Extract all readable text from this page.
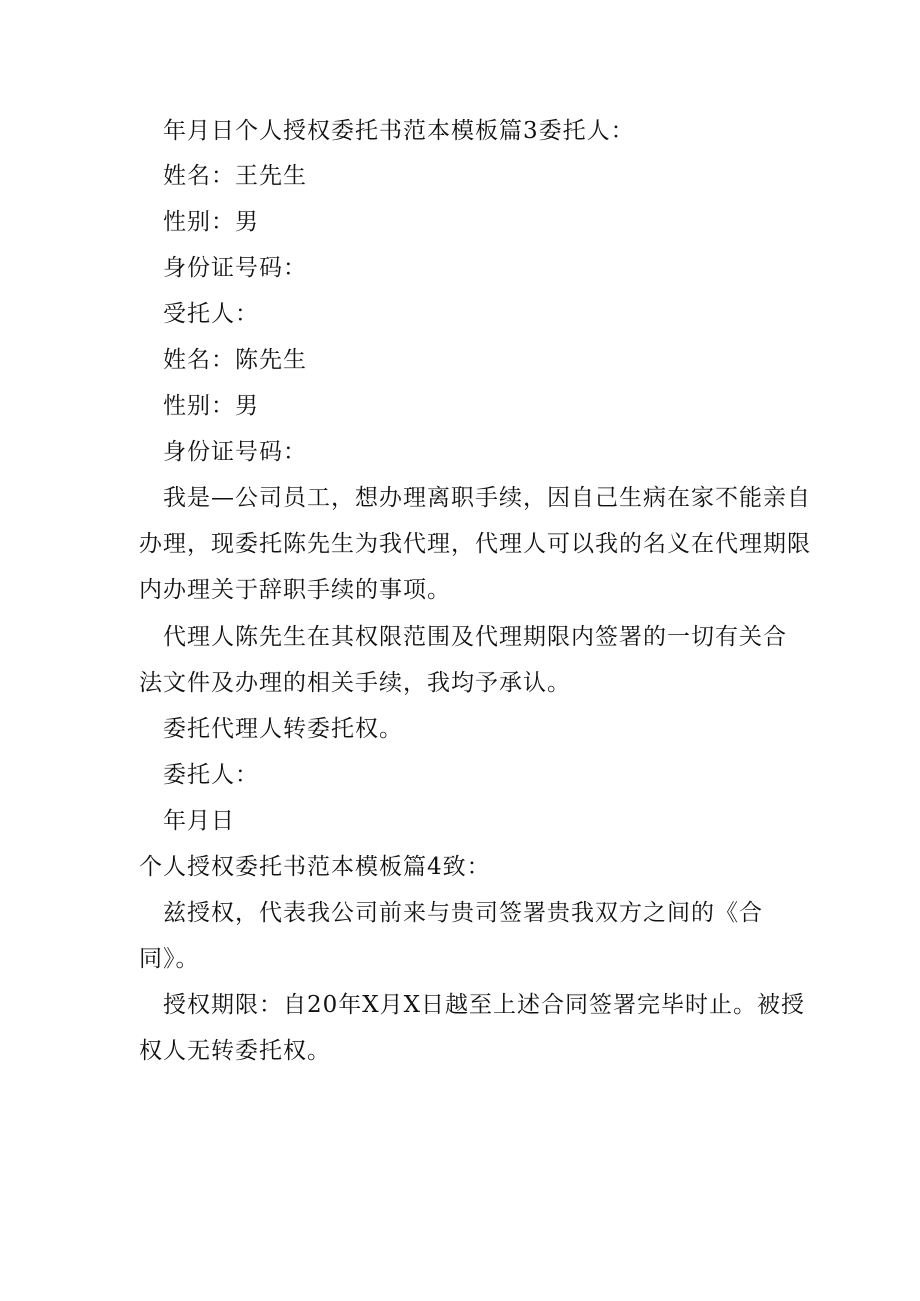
年月日个人授权委托书范本模板篇3委托人：
姓名：王先生
性别：男
身份证号码：
受托人：
姓名：陈先生
性别：男
身份证号码：
我是—公司员工，想办理离职手续，因自己生病在家不能亲自
办理，现委托陈先生为我代理，代理人可以我的名义在代理期限
内办理关于辞职手续的事项。
代理人陈先生在其权限范围及代理期限内签署的一切有关合
法文件及办理的相关手续，我均予承认。
委托代理人转委托权。
委托人：
年月日
个人授权委托书范本模板篇4致：
兹授权，代表我公司前来与贵司签署贵我双方之间的《合
同》。
授权期限：自20年X月X日越至上述合同签署完毕时止。被授
权人无转委托权。
